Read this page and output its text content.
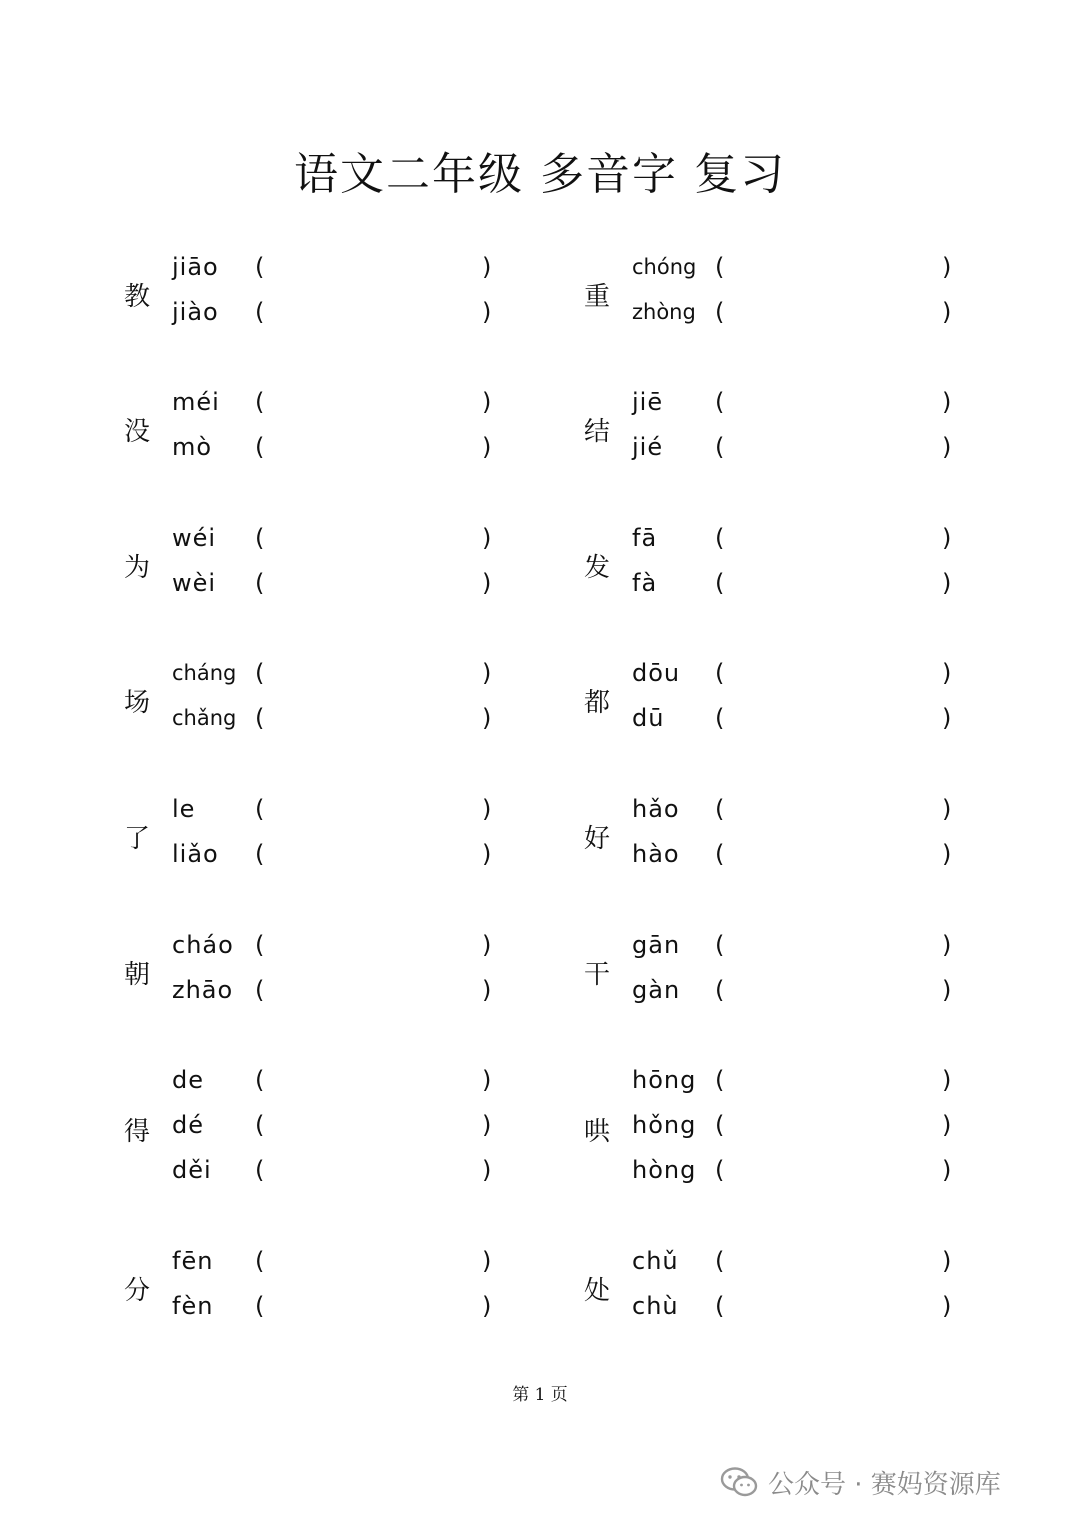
语文二年级 多音字 复习
教
jiāo (	)
jiào (	)
没
méi (	)
mò (	)
为
wéi (	)
wèi (	)
场
cháng (	)
chǎng (	)
了
le (	)
liǎo (	)
朝
cháo (	)
zhāo (	)
得
de (	)
dé (	)
děi (	)
分
fēn (	)
fèn (	)
重
chóng (	)
zhòng (	)
结
jiē (	)
jié (	)
发
fā (	)
fà (	)
都
dōu (	)
dū (	)
好
hǎo (	)
hào (	)
干
gān (	)
gàn (	)
哄
hōng (	)
hǒng (	)
hòng (	)
处
chǔ (	)
chù (	)
第 1 页
公众号 · 赛妈资源库
